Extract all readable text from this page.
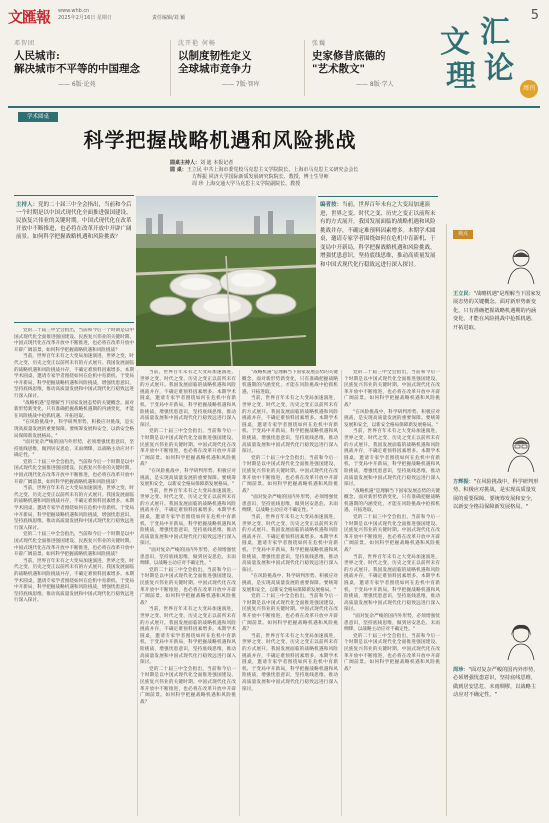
文匯報 www.whb.cn
2025年2月16日 星期日	责任编辑/刘 颖	5
邓智团
人民城市:
解决城市不平等的中国理念
—— 6版·论苑
沈开艳 何畅
以制度韧性定义
全球城市竞争力
—— 7版·智库
张巍
史家修昔底德的
"艺术散文"
—— 8版·学人
文 汇
理 论
周刊
学术圆桌
科学把握战略机遇和风险挑战
圆桌主持人：刘 迪 本报记者
圆 桌：王立民 中共上海市委党校马克思主义学院院长、上海市马克思主义研究会会长
方辉振 同济大学国际新质发展研究院院长、教授、博士生导师
周 珍 上海交通大学马克思主义学院副院长、教授
主持人：党的二十届三中全会指出，当前和今后一个时期是以中国式现代化全面推进强国建设、民族复兴伟业的关键时期。中国式现代化在改革开放中不断推进，也必将在改革开放中开辟广阔前景。如何科学把握战略机遇和风险挑战？
编者按：当前，世界百年未有之大变局加速演进，世界之变、时代之变、历史之变正以前所未有的方式展开。我国发展面临的战略机遇和风险挑战并存，不确定难预料因素增多。本期学术圆桌，邀请专家学者围绕如何在危机中育新机、于变局中开新局，科学把握战略机遇和风险挑战，增强忧患意识，坚持底线思维，推动高质量发展和中国式现代化行稳致远进行深入探讨。

党的二十届三中全会指出，当前和今后一个时期是以中国式现代化全面推进强国建设、民族复兴伟业的关键时期。中国式现代化在改革开放中不断推进，也必将在改革开放中开辟广阔前景。如何科学把握战略机遇和风险挑战？

当前，世界百年未有之大变局加速演进，世界之变、时代之变、历史之变正以前所未有的方式展开。我国发展面临的战略机遇和风险挑战并存，不确定难预料因素增多。本期学术圆桌，邀请专家学者围绕如何在危机中育新机、于变局中开新局，科学把握战略机遇和风险挑战，增强忧患意识，坚持底线思维，推动高质量发展和中国式现代化行稳致远进行深入探讨。

"战略机遇"是理解当下国家发展态势的关键概念。面对新形势新变化，只有准确把握战略机遇期的内涵变化，才能在风险挑战中抢抓机遇、开拓进取。

"在风险挑战中，科学研判形势、积极应对挑战，是实现高质量发展的重要保障。要统筹发展和安全，以新安全格局保障新发展格局。"

"面对复杂严峻的国内外形势，必须增强忧患意识，坚持底线思维，做到居安思危、未雨绸缪，以战略主动应对不确定性。"

党的二十届三中全会指出，当前和今后一个时期是以中国式现代化全面推进强国建设、民族复兴伟业的关键时期。中国式现代化在改革开放中不断推进，也必将在改革开放中开辟广阔前景。如何科学把握战略机遇和风险挑战？

当前，世界百年未有之大变局加速演进，世界之变、时代之变、历史之变正以前所未有的方式展开。我国发展面临的战略机遇和风险挑战并存，不确定难预料因素增多。本期学术圆桌，邀请专家学者围绕如何在危机中育新机、于变局中开新局，科学把握战略机遇和风险挑战，增强忧患意识，坚持底线思维，推动高质量发展和中国式现代化行稳致远进行深入探讨。

党的二十届三中全会指出，当前和今后一个时期是以中国式现代化全面推进强国建设、民族复兴伟业的关键时期。中国式现代化在改革开放中不断推进，也必将在改革开放中开辟广阔前景。如何科学把握战略机遇和风险挑战？

当前，世界百年未有之大变局加速演进，世界之变、时代之变、历史之变正以前所未有的方式展开。我国发展面临的战略机遇和风险挑战并存，不确定难预料因素增多。本期学术圆桌，邀请专家学者围绕如何在危机中育新机、于变局中开新局，科学把握战略机遇和风险挑战，增强忧患意识，坚持底线思维，推动高质量发展和中国式现代化行稳致远进行深入探讨。

当前，世界百年未有之大变局加速演进，世界之变、时代之变、历史之变正以前所未有的方式展开。我国发展面临的战略机遇和风险挑战并存，不确定难预料因素增多。本期学术圆桌，邀请专家学者围绕如何在危机中育新机、于变局中开新局，科学把握战略机遇和风险挑战，增强忧患意识，坚持底线思维，推动高质量发展和中国式现代化行稳致远进行深入探讨。

党的二十届三中全会指出，当前和今后一个时期是以中国式现代化全面推进强国建设、民族复兴伟业的关键时期。中国式现代化在改革开放中不断推进，也必将在改革开放中开辟广阔前景。如何科学把握战略机遇和风险挑战？

"在风险挑战中，科学研判形势、积极应对挑战，是实现高质量发展的重要保障。要统筹发展和安全，以新安全格局保障新发展格局。"

当前，世界百年未有之大变局加速演进，世界之变、时代之变、历史之变正以前所未有的方式展开。我国发展面临的战略机遇和风险挑战并存，不确定难预料因素增多。本期学术圆桌，邀请专家学者围绕如何在危机中育新机、于变局中开新局，科学把握战略机遇和风险挑战，增强忧患意识，坚持底线思维，推动高质量发展和中国式现代化行稳致远进行深入探讨。

"面对复杂严峻的国内外形势，必须增强忧患意识，坚持底线思维，做到居安思危、未雨绸缪，以战略主动应对不确定性。"

党的二十届三中全会指出，当前和今后一个时期是以中国式现代化全面推进强国建设、民族复兴伟业的关键时期。中国式现代化在改革开放中不断推进，也必将在改革开放中开辟广阔前景。如何科学把握战略机遇和风险挑战？

当前，世界百年未有之大变局加速演进，世界之变、时代之变、历史之变正以前所未有的方式展开。我国发展面临的战略机遇和风险挑战并存，不确定难预料因素增多。本期学术圆桌，邀请专家学者围绕如何在危机中育新机、于变局中开新局，科学把握战略机遇和风险挑战，增强忧患意识，坚持底线思维，推动高质量发展和中国式现代化行稳致远进行深入探讨。

党的二十届三中全会指出，当前和今后一个时期是以中国式现代化全面推进强国建设、民族复兴伟业的关键时期。中国式现代化在改革开放中不断推进，也必将在改革开放中开辟广阔前景。如何科学把握战略机遇和风险挑战？

"战略机遇"是理解当下国家发展态势的关键概念。面对新形势新变化，只有准确把握战略机遇期的内涵变化，才能在风险挑战中抢抓机遇、开拓进取。

当前，世界百年未有之大变局加速演进，世界之变、时代之变、历史之变正以前所未有的方式展开。我国发展面临的战略机遇和风险挑战并存，不确定难预料因素增多。本期学术圆桌，邀请专家学者围绕如何在危机中育新机、于变局中开新局，科学把握战略机遇和风险挑战，增强忧患意识，坚持底线思维，推动高质量发展和中国式现代化行稳致远进行深入探讨。

党的二十届三中全会指出，当前和今后一个时期是以中国式现代化全面推进强国建设、民族复兴伟业的关键时期。中国式现代化在改革开放中不断推进，也必将在改革开放中开辟广阔前景。如何科学把握战略机遇和风险挑战？

"面对复杂严峻的国内外形势，必须增强忧患意识，坚持底线思维，做到居安思危、未雨绸缪，以战略主动应对不确定性。"

当前，世界百年未有之大变局加速演进，世界之变、时代之变、历史之变正以前所未有的方式展开。我国发展面临的战略机遇和风险挑战并存，不确定难预料因素增多。本期学术圆桌，邀请专家学者围绕如何在危机中育新机、于变局中开新局，科学把握战略机遇和风险挑战，增强忧患意识，坚持底线思维，推动高质量发展和中国式现代化行稳致远进行深入探讨。

"在风险挑战中，科学研判形势、积极应对挑战，是实现高质量发展的重要保障。要统筹发展和安全，以新安全格局保障新发展格局。"

党的二十届三中全会指出，当前和今后一个时期是以中国式现代化全面推进强国建设、民族复兴伟业的关键时期。中国式现代化在改革开放中不断推进，也必将在改革开放中开辟广阔前景。如何科学把握战略机遇和风险挑战？

当前，世界百年未有之大变局加速演进，世界之变、时代之变、历史之变正以前所未有的方式展开。我国发展面临的战略机遇和风险挑战并存，不确定难预料因素增多。本期学术圆桌，邀请专家学者围绕如何在危机中育新机、于变局中开新局，科学把握战略机遇和风险挑战，增强忧患意识，坚持底线思维，推动高质量发展和中国式现代化行稳致远进行深入探讨。

党的二十届三中全会指出，当前和今后一个时期是以中国式现代化全面推进强国建设、民族复兴伟业的关键时期。中国式现代化在改革开放中不断推进，也必将在改革开放中开辟广阔前景。如何科学把握战略机遇和风险挑战？

"在风险挑战中，科学研判形势、积极应对挑战，是实现高质量发展的重要保障。要统筹发展和安全，以新安全格局保障新发展格局。"

当前，世界百年未有之大变局加速演进，世界之变、时代之变、历史之变正以前所未有的方式展开。我国发展面临的战略机遇和风险挑战并存，不确定难预料因素增多。本期学术圆桌，邀请专家学者围绕如何在危机中育新机、于变局中开新局，科学把握战略机遇和风险挑战，增强忧患意识，坚持底线思维，推动高质量发展和中国式现代化行稳致远进行深入探讨。

"战略机遇"是理解当下国家发展态势的关键概念。面对新形势新变化，只有准确把握战略机遇期的内涵变化，才能在风险挑战中抢抓机遇、开拓进取。

党的二十届三中全会指出，当前和今后一个时期是以中国式现代化全面推进强国建设、民族复兴伟业的关键时期。中国式现代化在改革开放中不断推进，也必将在改革开放中开辟广阔前景。如何科学把握战略机遇和风险挑战？

当前，世界百年未有之大变局加速演进，世界之变、时代之变、历史之变正以前所未有的方式展开。我国发展面临的战略机遇和风险挑战并存，不确定难预料因素增多。本期学术圆桌，邀请专家学者围绕如何在危机中育新机、于变局中开新局，科学把握战略机遇和风险挑战，增强忧患意识，坚持底线思维，推动高质量发展和中国式现代化行稳致远进行深入探讨。

"面对复杂严峻的国内外形势，必须增强忧患意识，坚持底线思维，做到居安思危、未雨绸缪，以战略主动应对不确定性。"

党的二十届三中全会指出，当前和今后一个时期是以中国式现代化全面推进强国建设、民族复兴伟业的关键时期。中国式现代化在改革开放中不断推进，也必将在改革开放中开辟广阔前景。如何科学把握战略机遇和风险挑战？

观点
王立民："战略机遇"是理解当下国家发展态势的关键概念。面对新形势新变化，只有准确把握战略机遇期的内涵变化，才能在风险挑战中抢抓机遇、开拓进取。
方辉振："在风险挑战中，科学研判形势、积极应对挑战，是实现高质量发展的重要保障。要统筹发展和安全，以新安全格局保障新发展格局。"
周珍："面对复杂严峻的国内外形势，必须增强忧患意识，坚持底线思维，做到居安思危、未雨绸缪，以战略主动应对不确定性。"
